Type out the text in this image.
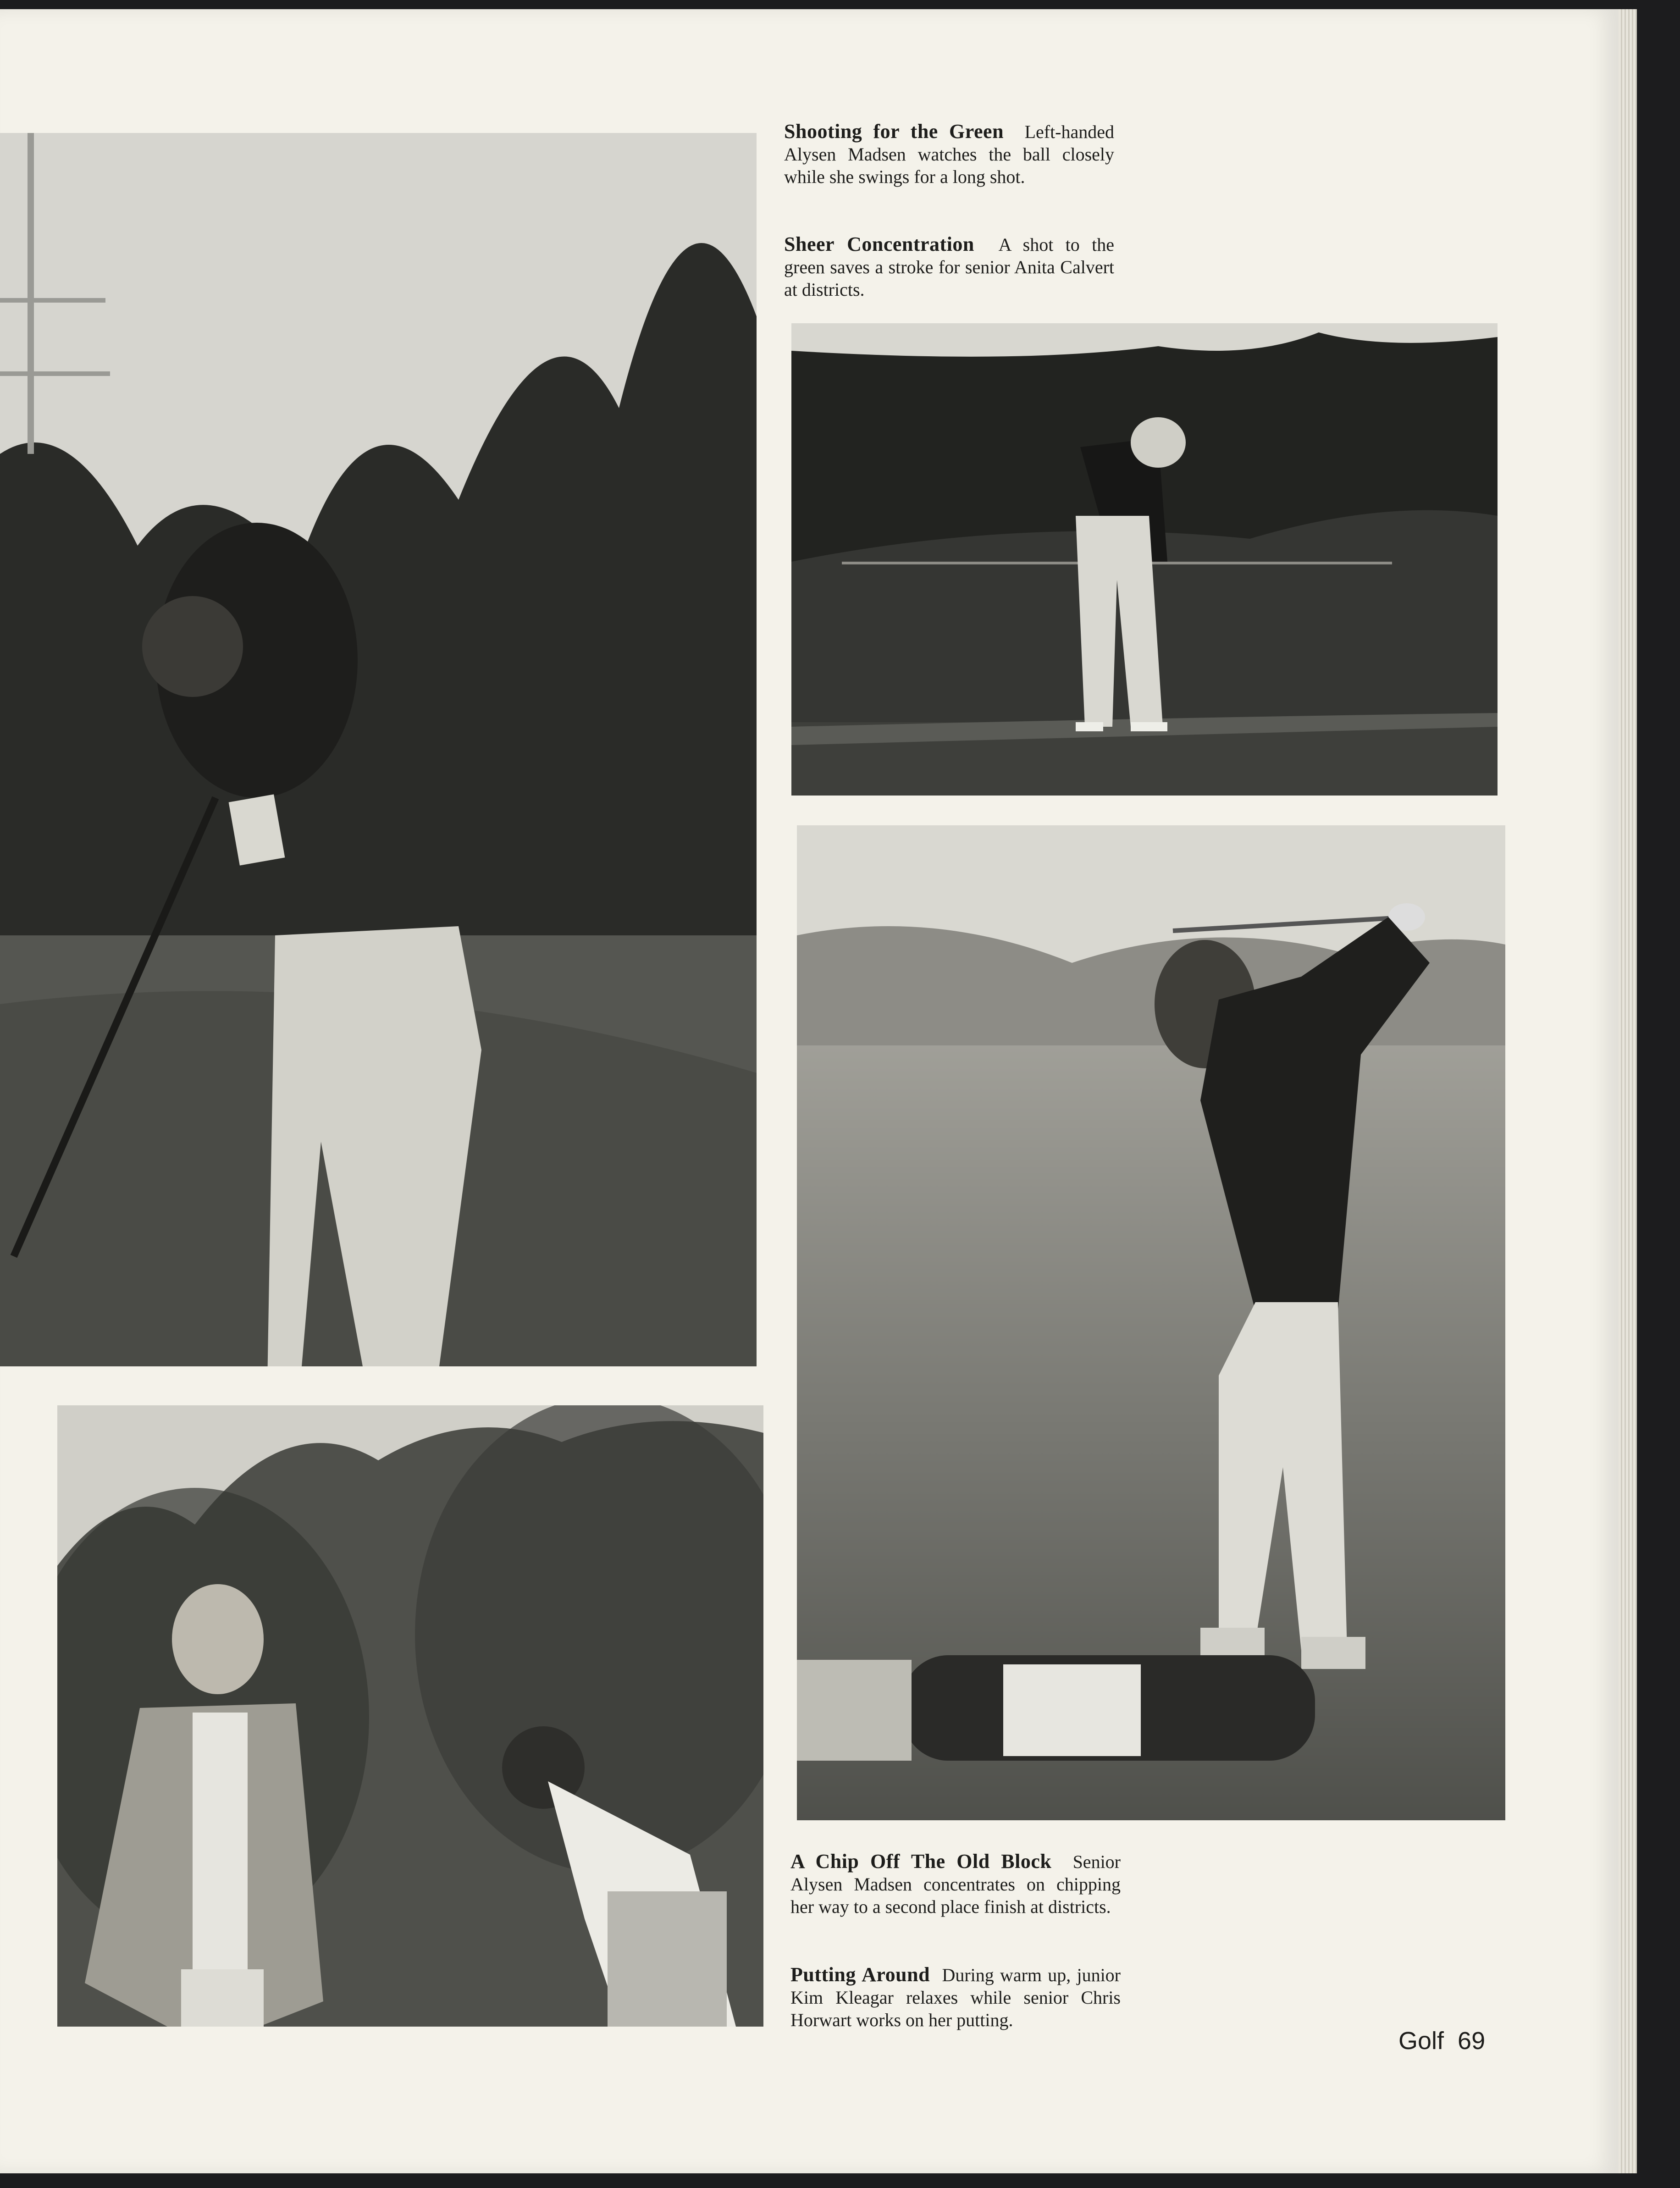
Shooting for the Green Left-handed Alysen Madsen watches the ball closely while she swings for a long shot.
Sheer Concentration A shot to the green saves a stroke for senior Anita Calvert at districts.
A Chip Off The Old Block Senior Alysen Madsen concentrates on chipping her way to a second place finish at districts.
Putting Around During warm up, junior Kim Kleagar relaxes while senior Chris Horwart works on her putting.
Golf 69
